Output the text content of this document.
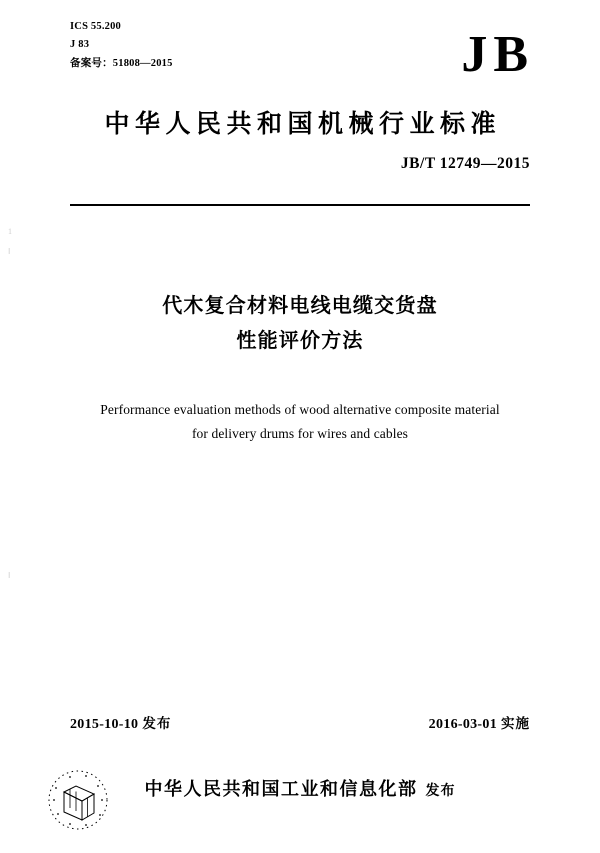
1
Ⅰ
Ⅰ
ICS 55.200
J 83
备案号：51808—2015	JB
中华人民共和国机械行业标准
JB/T 12749—2015
代木复合材料电线电缆交货盘
性能评价方法
Performance evaluation methods of wood alternative composite material
for delivery drums for wires and cables
2015-10-10 发布	2016-03-01 实施
中华人民共和国工业和信息化部 发布
